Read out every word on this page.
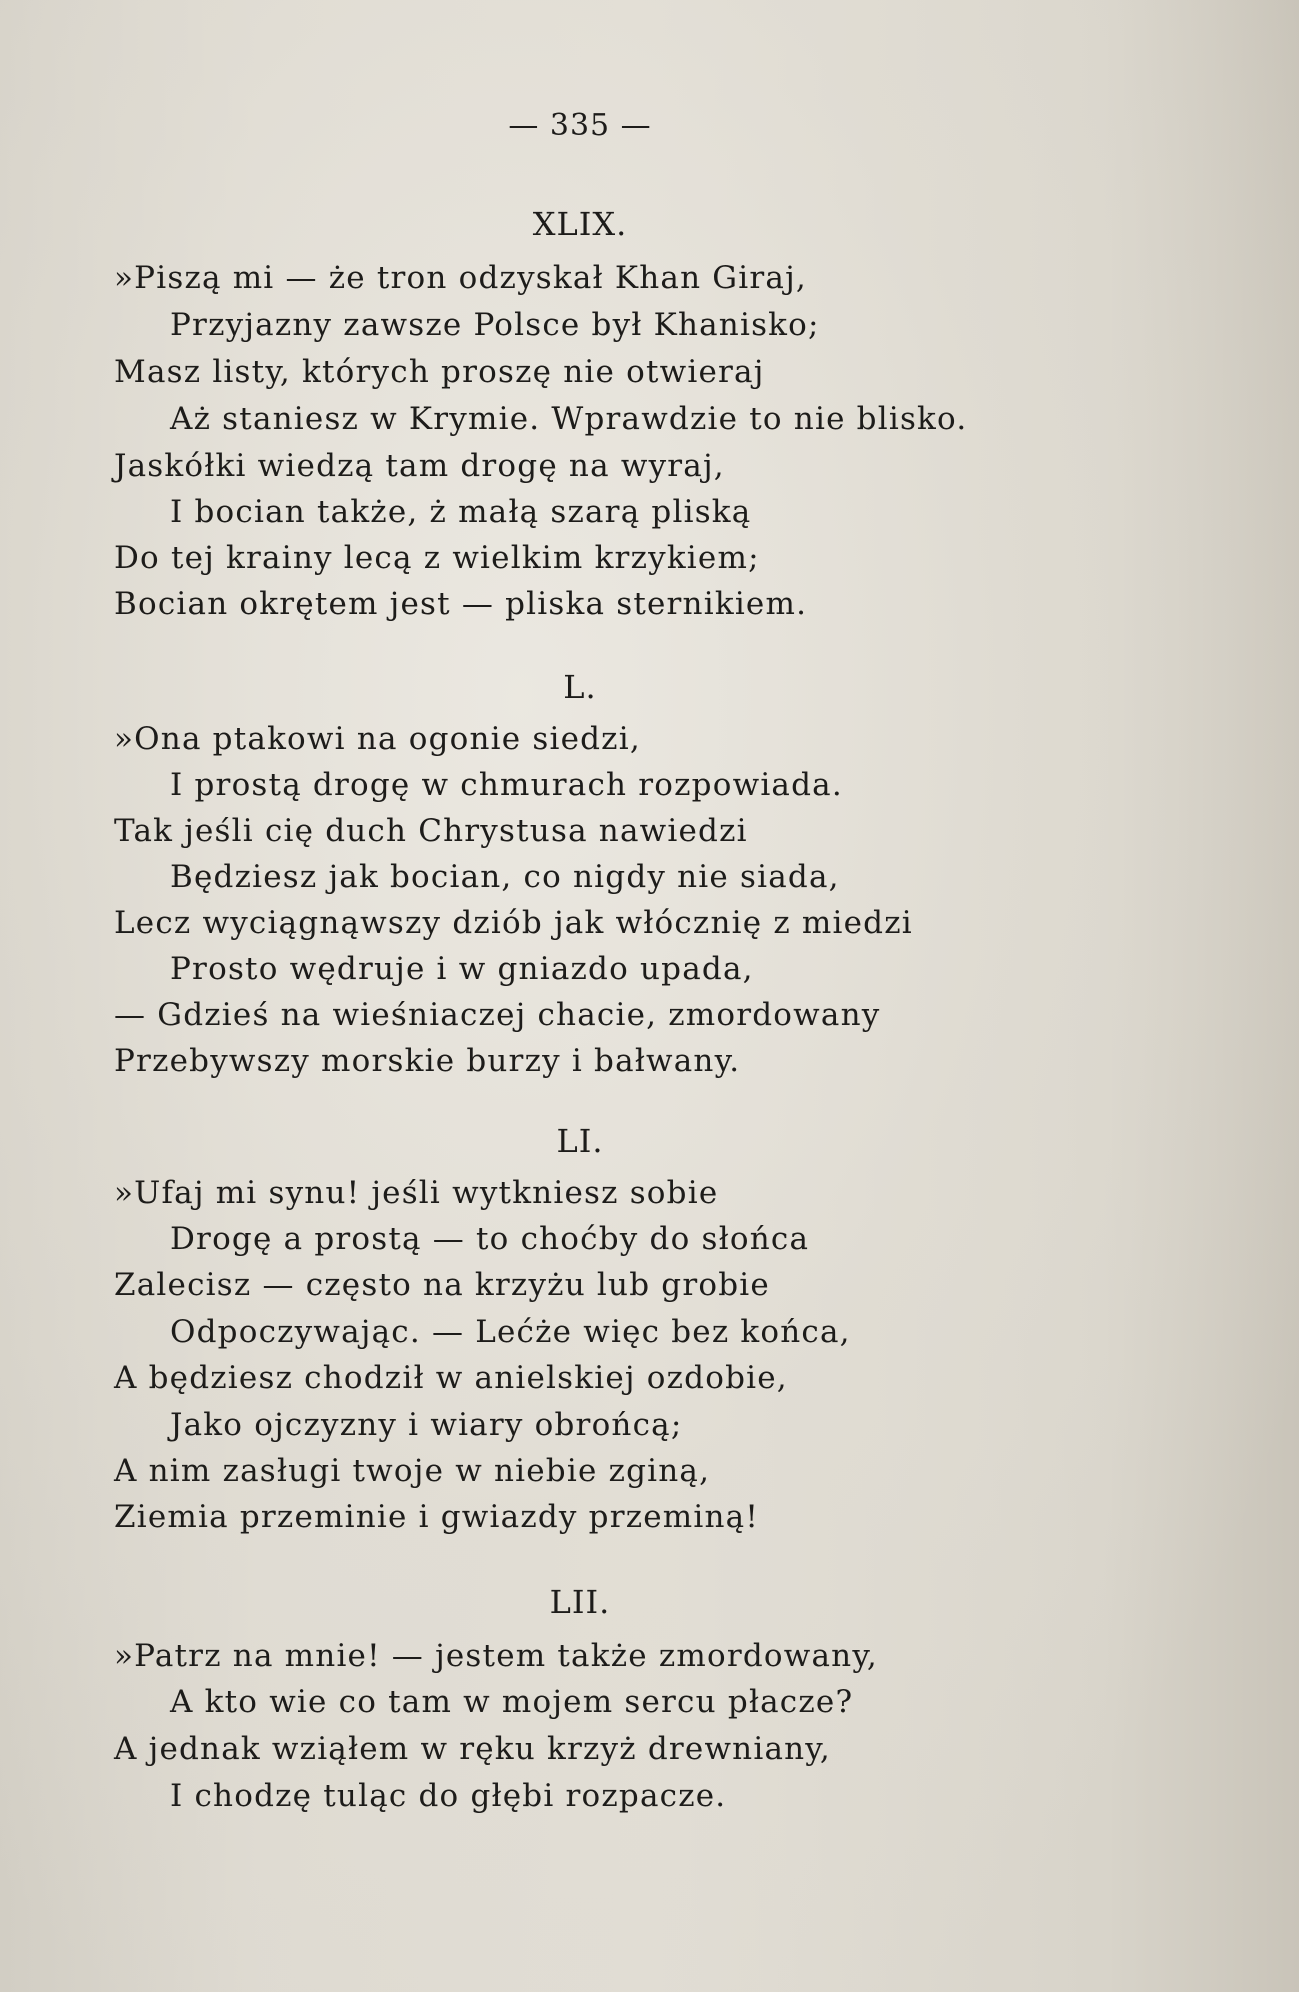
— 335 —
XLIX.
»Piszą mi — że tron odzyskał Khan Giraj,
Przyjazny zawsze Polsce był Khanisko;
Masz listy, których proszę nie otwieraj
Aż staniesz w Krymie. Wprawdzie to nie blisko.
Jaskółki wiedzą tam drogę na wyraj,
I bocian także, ż małą szarą pliską
Do tej krainy lecą z wielkim krzykiem;
Bocian okrętem jest — pliska sternikiem.
L.
»Ona ptakowi na ogonie siedzi,
I prostą drogę w chmurach rozpowiada.
Tak jeśli cię duch Chrystusa nawiedzi
Będziesz jak bocian, co nigdy nie siada,
Lecz wyciągnąwszy dziób jak włócznię z miedzi
Prosto wędruje i w gniazdo upada,
— Gdzieś na wieśniaczej chacie, zmordowany
Przebywszy morskie burzy i bałwany.
LI.
»Ufaj mi synu! jeśli wytkniesz sobie
Drogę a prostą — to choćby do słońca
Zalecisz — często na krzyżu lub grobie
Odpoczywając. — Lećże więc bez końca,
A będziesz chodził w anielskiej ozdobie,
Jako ojczyzny i wiary obrońcą;
A nim zasługi twoje w niebie zginą,
Ziemia przeminie i gwiazdy przeminą!
LII.
»Patrz na mnie! — jestem także zmordowany,
A kto wie co tam w mojem sercu płacze?
A jednak wziąłem w ręku krzyż drewniany,
I chodzę tuląc do głębi rozpacze.
